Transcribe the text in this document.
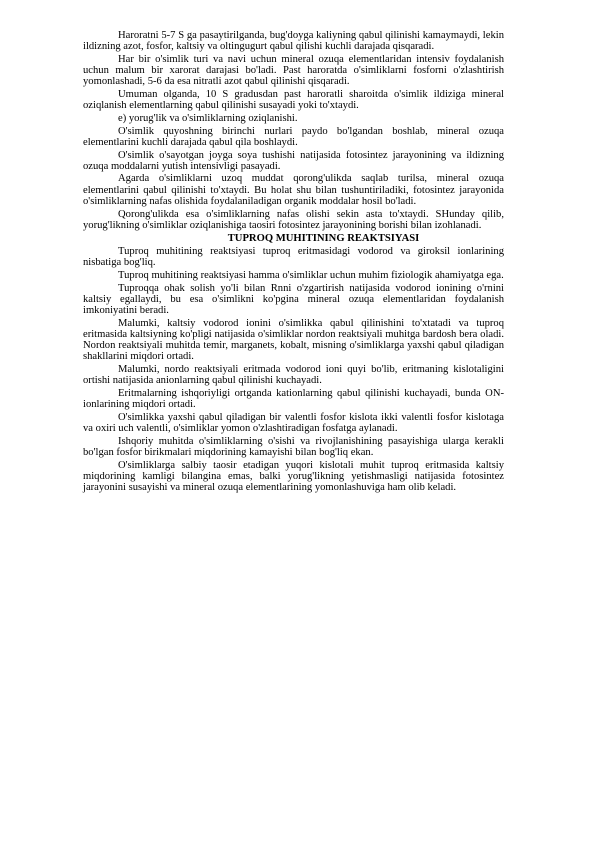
Haroratni 5-7 S ga pasaytirilganda, bug'doyga kaliyning qabul qilinishi kamaymaydi, lekin ildizning azot, fosfor, kaltsiy va oltingugurt qabul qilishi kuchli darajada qisqaradi.

Har bir o'simlik turi va navi uchun mineral ozuqa elementlaridan intensiv foydalanish uchun malum bir xarorat darajasi bo'ladi. Past haroratda o'simliklarni fosforni o'zlashtirish yomonlashadi, 5-6 da esa nitratli azot qabul qilinishi qisqaradi.

Umuman olganda, 10 S gradusdan past haroratli sharoitda o'simlik ildiziga mineral oziqlanish elementlarning qabul qilinishi susayadi yoki to'xtaydi.

e) yorug'lik va o'simliklarning oziqlanishi.

O'simlik quyoshning birinchi nurlari paydo bo'lgandan boshlab, mineral ozuqa elementlarini kuchli darajada qabul qila boshlaydi.

O'simlik o'sayotgan joyga soya tushishi natijasida fotosintez jarayonining va ildizning ozuqa moddalarni yutish intensivligi pasayadi.

Agarda o'simliklarni uzoq muddat qorong'ulikda saqlab turilsa, mineral ozuqa elementlarini qabul qilinishi to'xtaydi. Bu holat shu bilan tushuntiriladiki, fotosintez jarayonida o'simliklarning nafas olishida foydalaniladigan organik moddalar hosil bo'ladi.

Qorong'ulikda esa o'simliklarning nafas olishi sekin asta to'xtaydi. SHunday qilib, yorug'likning o'simliklar oziqlanishiga taosiri fotosintez jarayonining borishi bilan izohlanadi.

TUPROQ MUHITINING REAKTSIYASI

Tuproq muhitining reaktsiyasi tuproq eritmasidagi vodorod va giroksil ionlarining nisbatiga bog'liq.

Tuproq muhitining reaktsiyasi hamma o'simliklar uchun muhim fiziologik ahamiyatga ega.

Tuproqqa ohak solish yo'li bilan Rnni o'zgartirish natijasida vodorod ionining o'rnini kaltsiy egallaydi, bu esa o'simlikni ko'pgina mineral ozuqa elementlaridan foydalanish imkoniyatini beradi.

Malumki, kaltsiy vodorod ionini o'simlikka qabul qilinishini to'xtatadi va tuproq eritmasida kaltsiyning ko'pligi natijasida o'simliklar nordon reaktsiyali muhitga bardosh bera oladi. Nordon reaktsiyali muhitda temir, marganets, kobalt, misning o'simliklarga yaxshi qabul qiladigan shakllarini miqdori ortadi.

Malumki, nordo reaktsiyali eritmada vodorod ioni quyi bo'lib, eritmaning kislotaligini ortishi natijasida anionlarning qabul qilinishi kuchayadi.

Eritmalarning ishqoriyligi ortganda kationlarning qabul qilinishi kuchayadi, bunda ON- ionlarining miqdori ortadi.

O'simlikka yaxshi qabul qiladigan bir valentli fosfor kislota ikki valentli fosfor kislotaga va oxiri uch valentli, o'simliklar yomon o'zlashtiradigan fosfatga aylanadi.

Ishqoriy muhitda o'simliklarning o'sishi va rivojlanishining pasayishiga ularga kerakli bo'lgan fosfor birikmalari miqdorining kamayishi bilan bog'liq ekan.

O'simliklarga salbiy taosir etadigan yuqori kislotali muhit tuproq eritmasida kaltsiy miqdorining kamligi bilangina emas, balki yorug'likning yetishmasligi natijasida fotosintez jarayonini susayishi va mineral ozuqa elementlarining yomonlashuviga ham olib keladi.
